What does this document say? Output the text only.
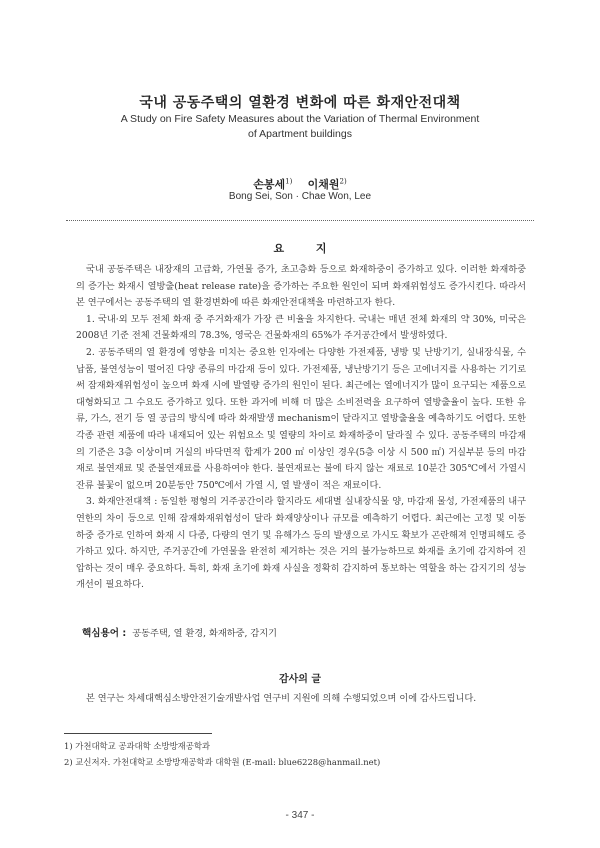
국내 공동주택의 열환경 변화에 따른 화재안전대책
A Study on Fire Safety Measures about the Variation of Thermal Environment
of Apartment buildings
손봉세$^{1)}$ 이채원$^{2)}$
Bong Sei, Son · Chae Won, Lee
요 지

국내 공동주택은 내장재의 고급화, 가연물 증가, 초고층화 등으로 화재하중이 증가하고 있다. 이러한 화재하중의 증가는 화재시 열방출(heat release rate)을 증가하는 주요한 원인이 되며 화재위험성도 증가시킨다. 따라서 본 연구에서는 공동주택의 열 환경변화에 따른 화재안전대책을 마련하고자 한다.

1. 국내·외 모두 전체 화재 중 주거화재가 가장 큰 비율을 차지한다. 국내는 매년 전체 화재의 약 30%, 미국은 2008년 기준 전체 건물화재의 78.3%, 영국은 건물화재의 65%가 주거공간에서 발생하였다.

2. 공동주택의 열 환경에 영향을 미치는 중요한 인자에는 다양한 가전제품, 냉방 및 난방기기, 실내장식물, 수납품, 불연성능이 떨어진 다양 종류의 마감재 등이 있다. 가전제품, 냉난방기기 등은 고에너지를 사용하는 기기로써 잠재화재위험성이 높으며 화재 시에 발열량 증가의 원인이 된다. 최근에는 열에너지가 많이 요구되는 제품으로 대형화되고 그 수요도 증가하고 있다. 또한 과거에 비해 더 많은 소비전력을 요구하여 열방출율이 높다. 또한 유류, 가스, 전기 등 열 공급의 방식에 따라 화재발생 mechanism이 달라지고 열방출율을 예측하기도 어렵다. 또한 각종 관련 제품에 따라 내재되어 있는 위험요소 및 열량의 차이로 화재하중이 달라질 수 있다. 공동주택의 마감재의 기준은 3층 이상이며 거실의 바닥면적 합계가 200 ㎡ 이상인 경우(5층 이상 시 500 ㎡) 거실부분 등의 마감재로 불연재료 및 준불연재료를 사용하여야 한다. 불연재료는 불에 타지 않는 재료로 10분간 305℃에서 가열시 잔류 불꽃이 없으며 20분동안 750℃에서 가열 시, 열 발생이 적은 재료이다.

3. 화재안전대책 : 동일한 평형의 거주공간이라 할지라도 세대별 실내장식물 양, 마감재 물성, 가전제품의 내구연한의 차이 등으로 인해 잠재화재위험성이 달라 화재양상이나 규모를 예측하기 어렵다. 최근에는 고정 및 이동 하중 증가로 인하여 화재 시 다종, 다량의 연기 및 유해가스 등의 발생으로 가시도 확보가 곤란해져 인명피해도 증가하고 있다. 하지만, 주거공간에 가연물을 완전히 제거하는 것은 거의 불가능하므로 화재를 초기에 감지하여 진압하는 것이 매우 중요하다. 특히, 화재 초기에 화재 사실을 정확히 감지하여 통보하는 역할을 하는 감지기의 성능개선이 필요하다.

핵심용어 : 공동주택, 열 환경, 화재하중, 감지기
감사의 글
본 연구는 차세대핵심소방안전기술개발사업 연구비 지원에 의해 수행되었으며 이에 감사드립니다.
1) 가천대학교 공과대학 소방방재공학과
2) 교신저자. 가천대학교 소방방재공학과 대학원 (E-mail: blue6228@hanmail.net)
- 347 -
